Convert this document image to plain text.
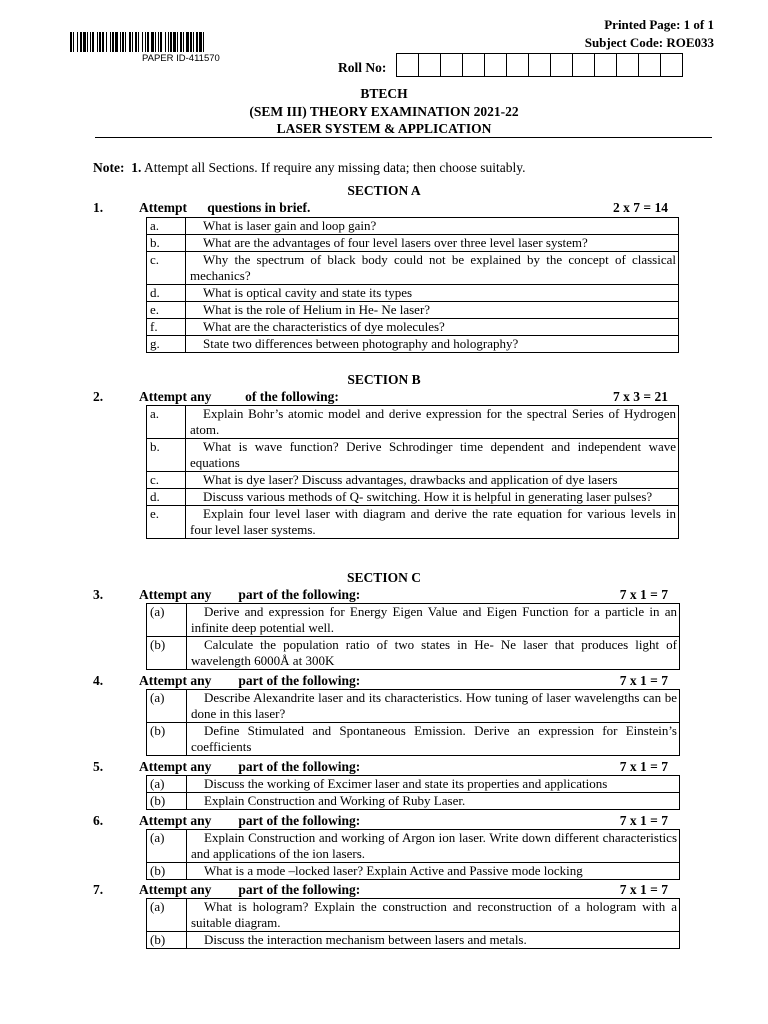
PAPER ID-411570
Printed Page: 1 of 1
Subject Code: ROE033
Roll No:
BTECH
(SEM III) THEORY EXAMINATION 2021-22
LASER SYSTEM & APPLICATION
Note: 1. Attempt all Sections. If require any missing data; then choose suitably.
SECTION A
1.	Attempt      questions in brief.	2 x 7 = 14
a.	What is laser gain and loop gain?
b.	What are the advantages of four level lasers over three level laser system?
c.	Why the spectrum of black body could not be explained by the concept of classical mechanics?
d.	What is optical cavity and state its types
e.	What is the role of Helium in He- Ne laser?
f.	What are the characteristics of dye molecules?
g.	State two differences between photography and holography?
SECTION B
2.	Attempt any          of the following:	7 x 3 = 21
a.	Explain Bohr’s atomic model and derive expression for the spectral Series of Hydrogen atom.
b.	What is wave function? Derive Schrodinger time dependent and independent wave equations
c.	What is dye laser? Discuss advantages, drawbacks and application of dye lasers
d.	Discuss various methods of Q- switching. How it is helpful in generating laser pulses?
e.	Explain four level laser with diagram and derive the rate equation for various levels in four level laser systems.
SECTION C
3.	Attempt any        part of the following:	7 x 1 = 7
(a)	Derive and expression for Energy Eigen Value and Eigen Function for a particle in an infinite deep potential well.
(b)	Calculate the population ratio of two states in He- Ne laser that produces light of wavelength 6000Å at 300K
4.	Attempt any        part of the following:	7 x 1 = 7
(a)	Describe Alexandrite laser and its characteristics. How tuning of laser wavelengths can be done in this laser?
(b)	Define Stimulated and Spontaneous Emission. Derive an expression for Einstein’s coefficients
5.	Attempt any        part of the following:	7 x 1 = 7
(a)	Discuss the working of Excimer laser and state its properties and applications
(b)	Explain Construction and Working of Ruby Laser.
6.	Attempt any        part of the following:	7 x 1 = 7
(a)	Explain Construction and working of Argon ion laser. Write down different characteristics and applications of the ion lasers.
(b)	What is a mode –locked laser? Explain Active and Passive mode locking
7.	Attempt any        part of the following:	7 x 1 = 7
(a)	What is hologram? Explain the construction and reconstruction of a hologram with a suitable diagram.
(b)	Discuss the interaction mechanism between lasers and metals.
